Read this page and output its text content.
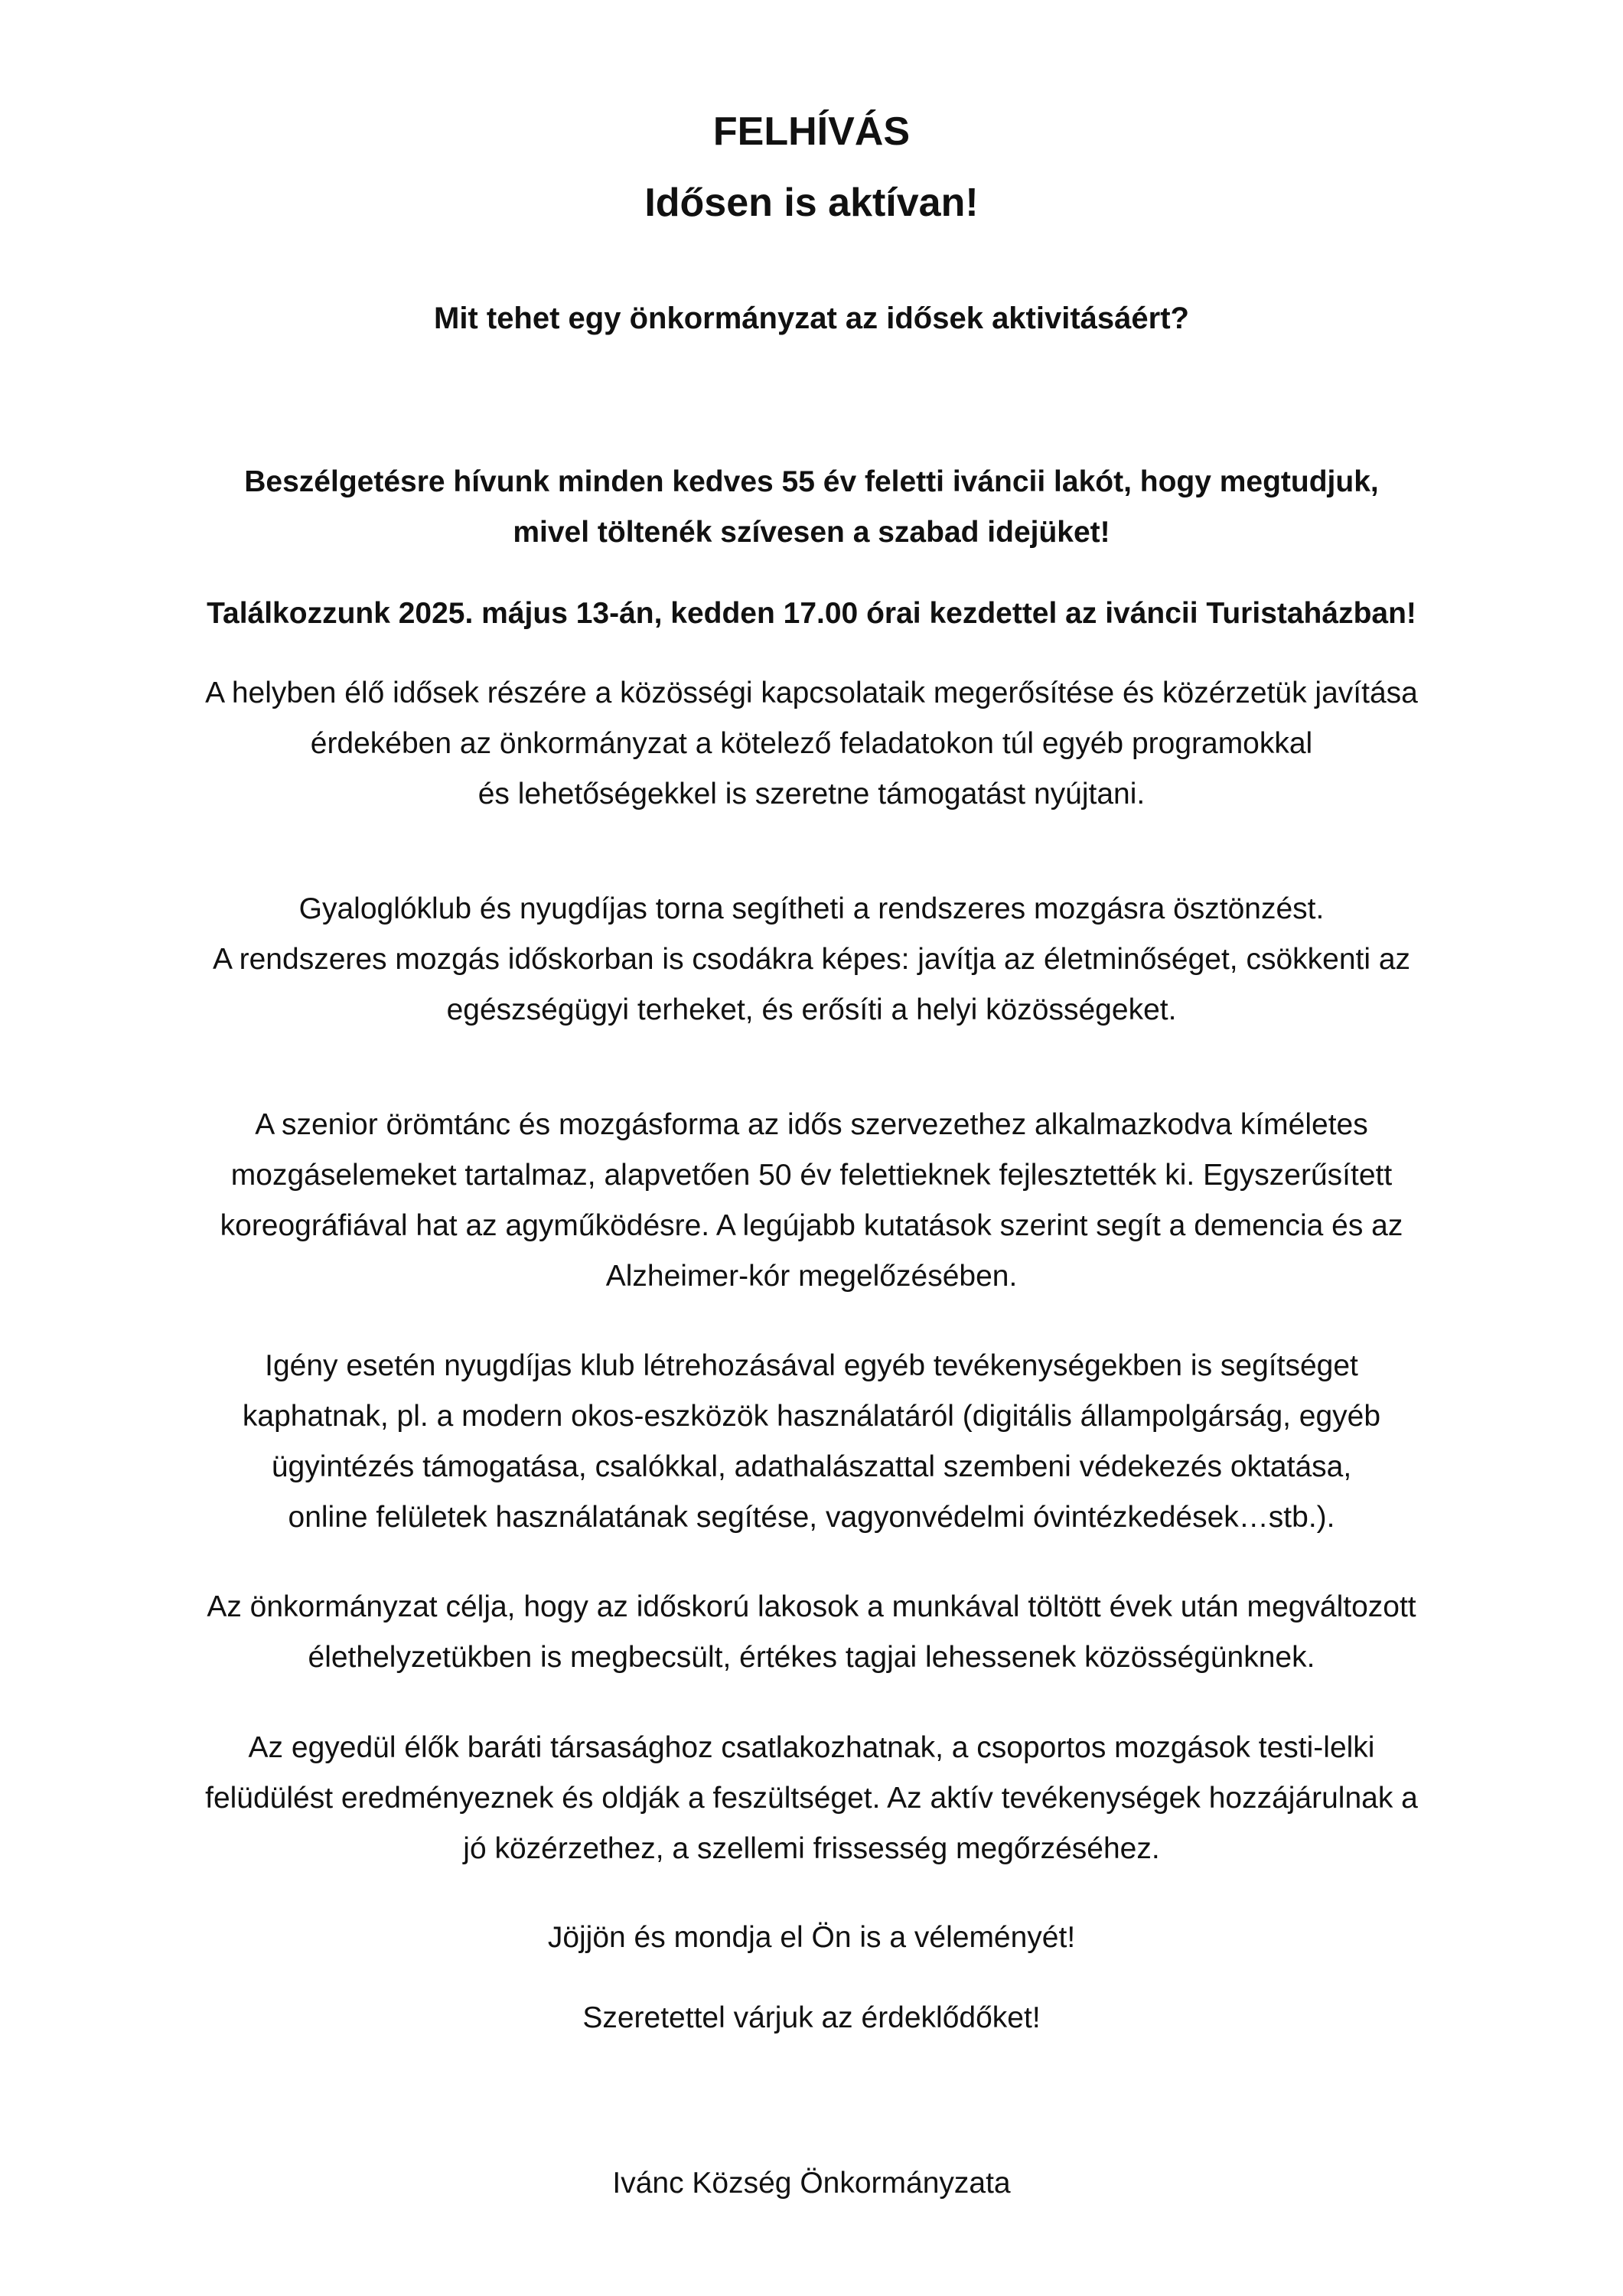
FELHÍVÁS
Idősen is aktívan!
Mit tehet egy önkormányzat az idősek aktivitásáért?
Beszélgetésre hívunk minden kedves 55 év feletti iváncii lakót, hogy megtudjuk,
mivel töltenék szívesen a szabad idejüket!
Találkozzunk 2025. május 13-án, kedden 17.00 órai kezdettel az iváncii Turistaházban!
A helyben élő idősek részére a közösségi kapcsolataik megerősítése és közérzetük javítása
érdekében az önkormányzat a kötelező feladatokon túl egyéb programokkal
és lehetőségekkel is szeretne támogatást nyújtani.
Gyaloglóklub és nyugdíjas torna segítheti a rendszeres mozgásra ösztönzést.
A rendszeres mozgás időskorban is csodákra képes: javítja az életminőséget, csökkenti az
egészségügyi terheket, és erősíti a helyi közösségeket.
A szenior örömtánc és mozgásforma az idős szervezethez alkalmazkodva kíméletes
mozgáselemeket tartalmaz, alapvetően 50 év felettieknek fejlesztették ki. Egyszerűsített
koreográfiával hat az agyműködésre. A legújabb kutatások szerint segít a demencia és az
Alzheimer-kór megelőzésében.
Igény esetén nyugdíjas klub létrehozásával egyéb tevékenységekben is segítséget
kaphatnak, pl. a modern okos-eszközök használatáról (digitális állampolgárság, egyéb
ügyintézés támogatása, csalókkal, adathalászattal szembeni védekezés oktatása,
online felületek használatának segítése, vagyonvédelmi óvintézkedések…stb.).
Az önkormányzat célja, hogy az időskorú lakosok a munkával töltött évek után megváltozott
élethelyzetükben is megbecsült, értékes tagjai lehessenek közösségünknek.
Az egyedül élők baráti társasághoz csatlakozhatnak, a csoportos mozgások testi-lelki
felüdülést eredményeznek és oldják a feszültséget. Az aktív tevékenységek hozzájárulnak a
jó közérzethez, a szellemi frissesség megőrzéséhez.
Jöjjön és mondja el Ön is a véleményét!
Szeretettel várjuk az érdeklődőket!
Ivánc Község Önkormányzata
